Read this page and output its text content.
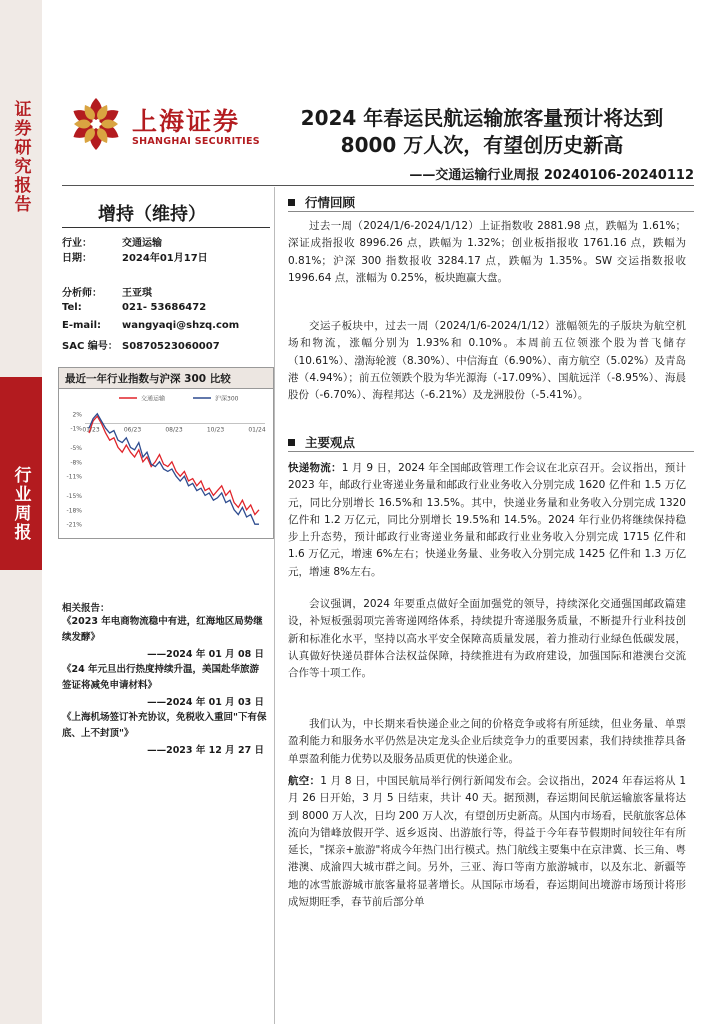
证券研究报告
行业周报
上海证券
SHANGHAI SECURITIES
2024 年春运民航运输旅客量预计将达到
8000 万人次，有望创历史新高
——交通运输行业周报 20240106-20240112
增持（维持）
行业：	交通运输
日期：	2024年01月17日
分析师： 王亚琪
Tel:	021- 53686472
E-mail: wangyaqi@shzq.com
SAC 编号： S0870523060007
最近一年行业指数与沪深 300 比较
2%
-1%
-5%
-8%
-11%
-15%
-18%
-21%
01/23	06/23	08/23	10/23	01/24
交通运输	沪深300
相关报告：
《2023 年电商物流稳中有进，红海地区局势继续发酵》
——2024 年 01 月 08 日
《24 年元旦出行热度持续升温，美国赴华旅游签证将减免申请材料》
——2024 年 01 月 03 日
《上海机场签订补充协议，免税收入重回"下有保底、上不封顶"》
——2023 年 12 月 27 日
行情回顾

过去一周（2024/1/6-2024/1/12）上证指数收 2881.98 点，跌幅为 1.61%；深证成指报收 8996.26 点，跌幅为 1.32%；创业板指报收 1761.16 点，跌幅为 0.81%；沪深 300 指数报收 3284.17 点，跌幅为 1.35%。SW 交运指数报收 1996.64 点，涨幅为 0.25%，板块跑赢大盘。

交运子板块中，过去一周（2024/1/6-2024/1/12）涨幅领先的子版块为航空机场和物流，涨幅分别为 1.93%和 0.10%。本周前五位领涨个股为普飞储存（10.61%）、渤海轮渡（8.30%）、中信海直（6.90%）、南方航空（5.02%）及青岛港（4.94%）；前五位领跌个股为华光源海（-17.09%）、国航远洋（-8.95%）、海晨股份（-6.70%）、海程邦达（-6.21%）及龙洲股份（-5.41%）。

主要观点

快递物流：1 月 9 日，2024 年全国邮政管理工作会议在北京召开。会议指出，预计 2023 年，邮政行业寄递业务量和邮政行业业务收入分别完成 1620 亿件和 1.5 万亿元，同比分别增长 16.5%和 13.5%。其中，快递业务量和业务收入分别完成 1320 亿件和 1.2 万亿元，同比分别增长 19.5%和 14.5%。2024 年行业仍将继续保持稳步上升态势，预计邮政行业寄递业务量和邮政行业业务收入分别完成 1715 亿件和 1.6 万亿元，增速 6%左右；快递业务量、业务收入分别完成 1425 亿件和 1.3 万亿元，增速 8%左右。

会议强调，2024 年要重点做好全面加强党的领导，持续深化交通强国邮政篇建设，补短板强弱项完善寄递网络体系，持续提升寄递服务质量，不断提升行业科技创新和标准化水平，坚持以高水平安全保障高质量发展，着力推动行业绿色低碳发展，认真做好快递员群体合法权益保障，持续推进有为政府建设，加强国际和港澳台交流合作等十项工作。

我们认为，中长期来看快递企业之间的价格竞争或将有所延续，但业务量、单票盈利能力和服务水平仍然是决定龙头企业后续竞争力的重要因素，我们持续推荐具备单票盈利能力优势以及服务品质更优的快递企业。

航空：1 月 8 日，中国民航局举行例行新闻发布会。会议指出，2024 年春运将从 1 月 26 日开始，3 月 5 日结束，共计 40 天。据预测，春运期间民航运输旅客量将达到 8000 万人次，日均 200 万人次，有望创历史新高。从国内市场看，民航旅客总体流向为错峰放假开学、返乡返岗、出游旅行等，得益于今年春节假期时间较往年有所延长，"探亲+旅游"将成今年热门出行模式。热门航线主要集中在京津冀、长三角、粤港澳、成渝四大城市群之间。另外，三亚、海口等南方旅游城市，以及东北、新疆等地的冰雪旅游城市旅客量将显著增长。从国际市场看，春运期间出境游市场预计将形成短期旺季，春节前后部分单
